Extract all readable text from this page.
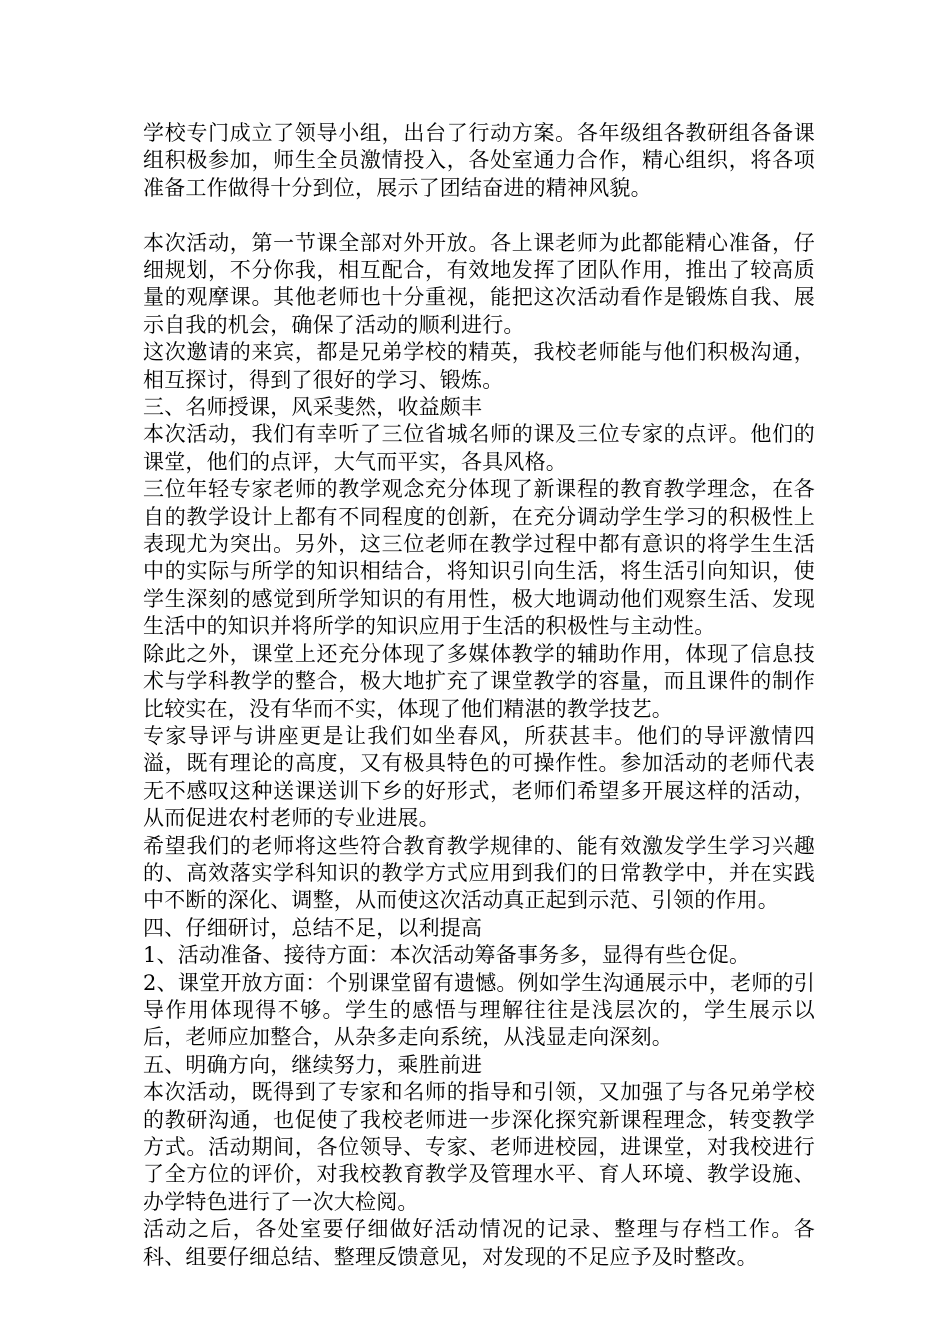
学校专门成立了领导小组，出台了行动方案。各年级组各教研组各备课组积极参加，师生全员激情投入，各处室通力合作，精心组织，将各项准备工作做得十分到位，展示了团结奋进的精神风貌。

本次活动，第一节课全部对外开放。各上课老师为此都能精心准备，仔细规划，不分你我，相互配合，有效地发挥了团队作用，推出了较高质量的观摩课。其他老师也十分重视，能把这次活动看作是锻炼自我、展示自我的机会，确保了活动的顺利进行。

这次邀请的来宾，都是兄弟学校的精英，我校老师能与他们积极沟通，相互探讨，得到了很好的学习、锻炼。

三、名师授课，风采斐然，收益颇丰

本次活动，我们有幸听了三位省城名师的课及三位专家的点评。他们的课堂，他们的点评，大气而平实，各具风格。

三位年轻专家老师的教学观念充分体现了新课程的教育教学理念，在各自的教学设计上都有不同程度的创新，在充分调动学生学习的积极性上表现尤为突出。另外，这三位老师在教学过程中都有意识的将学生生活中的实际与所学的知识相结合，将知识引向生活，将生活引向知识，使学生深刻的感觉到所学知识的有用性，极大地调动他们观察生活、发现生活中的知识并将所学的知识应用于生活的积极性与主动性。

除此之外，课堂上还充分体现了多媒体教学的辅助作用，体现了信息技术与学科教学的整合，极大地扩充了课堂教学的容量，而且课件的制作比较实在，没有华而不实，体现了他们精湛的教学技艺。

专家导评与讲座更是让我们如坐春风，所获甚丰。他们的导评激情四溢，既有理论的高度，又有极具特色的可操作性。参加活动的老师代表无不感叹这种送课送训下乡的好形式，老师们希望多开展这样的活动，从而促进农村老师的专业进展。

希望我们的老师将这些符合教育教学规律的、能有效激发学生学习兴趣的、高效落实学科知识的教学方式应用到我们的日常教学中，并在实践中不断的深化、调整，从而使这次活动真正起到示范、引领的作用。

四、仔细研讨，总结不足，以利提高

1、活动准备、接待方面：本次活动筹备事务多，显得有些仓促。

2、课堂开放方面：个别课堂留有遗憾。例如学生沟通展示中，老师的引导作用体现得不够。学生的感悟与理解往往是浅层次的，学生展示以后，老师应加整合，从杂多走向系统，从浅显走向深刻。

五、明确方向，继续努力，乘胜前进

本次活动，既得到了专家和名师的指导和引领，又加强了与各兄弟学校的教研沟通，也促使了我校老师进一步深化探究新课程理念，转变教学方式。活动期间，各位领导、专家、老师进校园，进课堂，对我校进行了全方位的评价，对我校教育教学及管理水平、育人环境、教学设施、办学特色进行了一次大检阅。

活动之后，各处室要仔细做好活动情况的记录、整理与存档工作。各科、组要仔细总结、整理反馈意见，对发现的不足应予及时整改。
